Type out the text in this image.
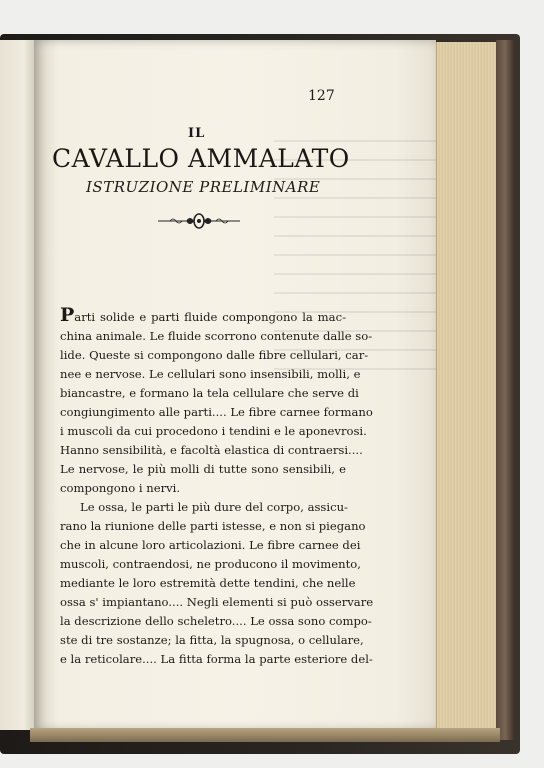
127
IL
CAVALLO AMMALATO
ISTRUZIONE PRELIMINARE
Parti solide e parti fluide compongono la mac-
china animale. Le fluide scorrono contenute dalle so-
lide. Queste si compongono dalle fibre cellulari, car-
nee e nervose. Le cellulari sono insensibili, molli, e
biancastre, e formano la tela cellulare che serve di
congiungimento alle parti.... Le fibre carnee formano
i muscoli da cui procedono i tendini e le aponevrosi.
Hanno sensibilità, e facoltà elastica di contraersi....
Le nervose, le più molli di tutte sono sensibili, e
compongono i nervi.
Le ossa, le parti le più dure del corpo, assicu-
rano la riunione delle parti istesse, e non si piegano
che in alcune loro articolazioni. Le fibre carnee dei
muscoli, contraendosi, ne producono il movimento,
mediante le loro estremità dette tendini, che nelle
ossa s' impiantano.... Negli elementi si può osservare
la descrizione dello scheletro.... Le ossa sono compo-
ste di tre sostanze; la fitta, la spugnosa, o cellulare,
e la reticolare.... La fitta forma la parte esteriore del-
